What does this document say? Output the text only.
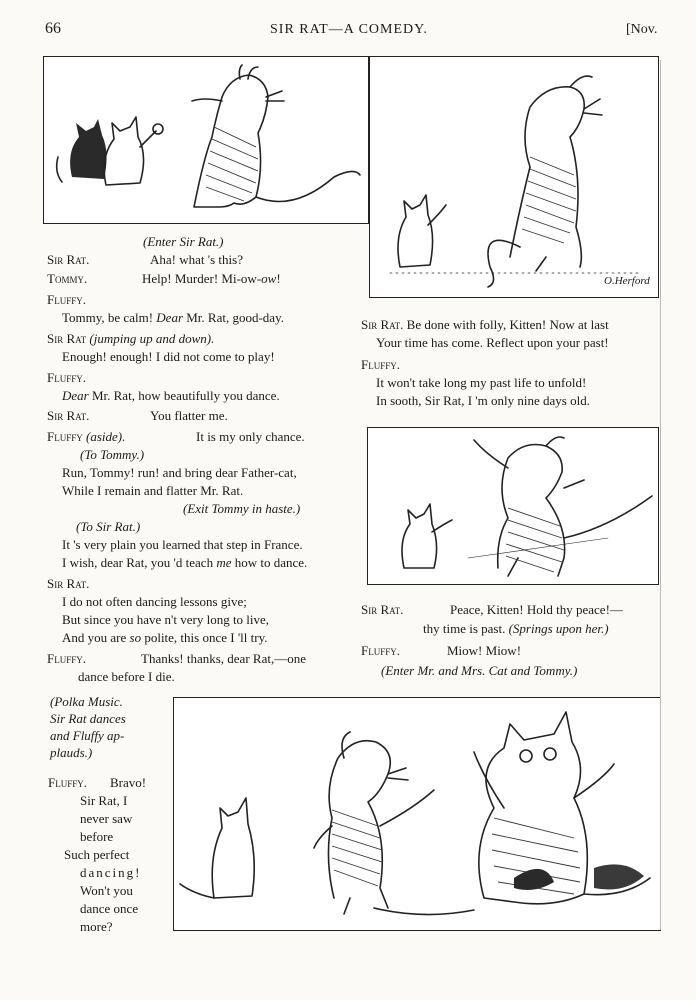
66	SIR RAT—A COMEDY.	[Nov.
O.Herford
(Enter Sir Rat.)
Sir Rat.	Aha! what 's this?
Tommy.	Help! Murder! Mi-ow-ow!
Fluffy.
Tommy, be calm! Dear Mr. Rat, good-day.
Sir Rat (jumping up and down).
Enough! enough! I did not come to play!
Fluffy.
Dear Mr. Rat, how beautifully you dance.
Sir Rat.	You flatter me.
Fluffy (aside).	It is my only chance.
(To Tommy.)
Run, Tommy! run! and bring dear Father-cat,
While I remain and flatter Mr. Rat.
(Exit Tommy in haste.)
(To Sir Rat.)
It 's very plain you learned that step in France.
I wish, dear Rat, you 'd teach me how to dance.
Sir Rat.
I do not often dancing lessons give;
But since you have n't very long to live,
And you are so polite, this once I 'll try.
Fluffy.	Thanks! thanks, dear Rat,—one
dance before I die.
Sir Rat. Be done with folly, Kitten! Now at last
Your time has come. Reflect upon your past!
Fluffy.
It won't take long my past life to unfold!
In sooth, Sir Rat, I 'm only nine days old.
Sir Rat.	Peace, Kitten! Hold thy peace!—
thy time is past. (Springs upon her.)
Fluffy.	Miow! Miow!
(Enter Mr. and Mrs. Cat and Tommy.)
(Polka Music.
Sir Rat dances
and Fluffy ap-
plauds.)
Fluffy. Bravo!
Sir Rat, I
never saw
before
Such perfect
dancing!
Won't you
dance once
more?
